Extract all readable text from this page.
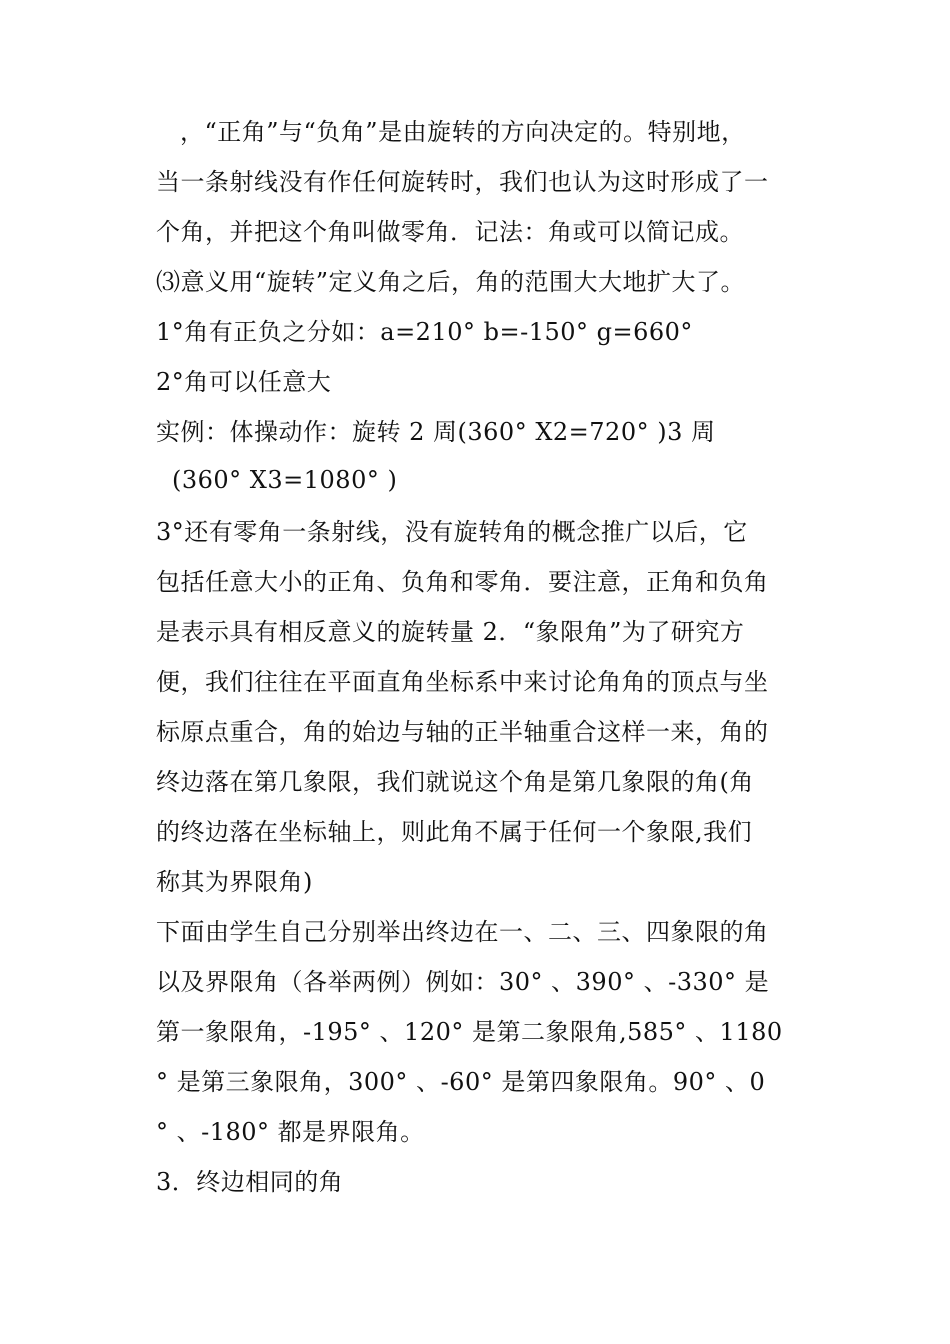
，“正角”与“负角”是由旋转的方向决定的。特别地，
当一条射线没有作任何旋转时，我们也认为这时形成了一
个角，并把这个角叫做零角．记法：角或可以简记成。
⑶意义用“旋转”定义角之后，角的范围大大地扩大了。
1°角有正负之分如：a=210° b=-150° g=660°
2°角可以任意大
实例：体操动作：旋转 2 周(360° X2=720° )3 周
(360° X3=1080° )
3°还有零角一条射线，没有旋转角的概念推广以后，它
包括任意大小的正角、负角和零角．要注意，正角和负角
是表示具有相反意义的旋转量 2．“象限角”为了研究方
便，我们往往在平面直角坐标系中来讨论角角的顶点与坐
标原点重合，角的始边与轴的正半轴重合这样一来，角的
终边落在第几象限，我们就说这个角是第几象限的角(角
的终边落在坐标轴上，则此角不属于任何一个象限,我们
称其为界限角)
下面由学生自己分别举出终边在一、二、三、四象限的角
以及界限角（各举两例）例如：30° 、390° 、-330° 是
第一象限角，-195° 、120° 是第二象限角,585° 、1180
° 是第三象限角，300° 、-60° 是第四象限角。90° 、0
° 、-180° 都是界限角。
3．终边相同的角
